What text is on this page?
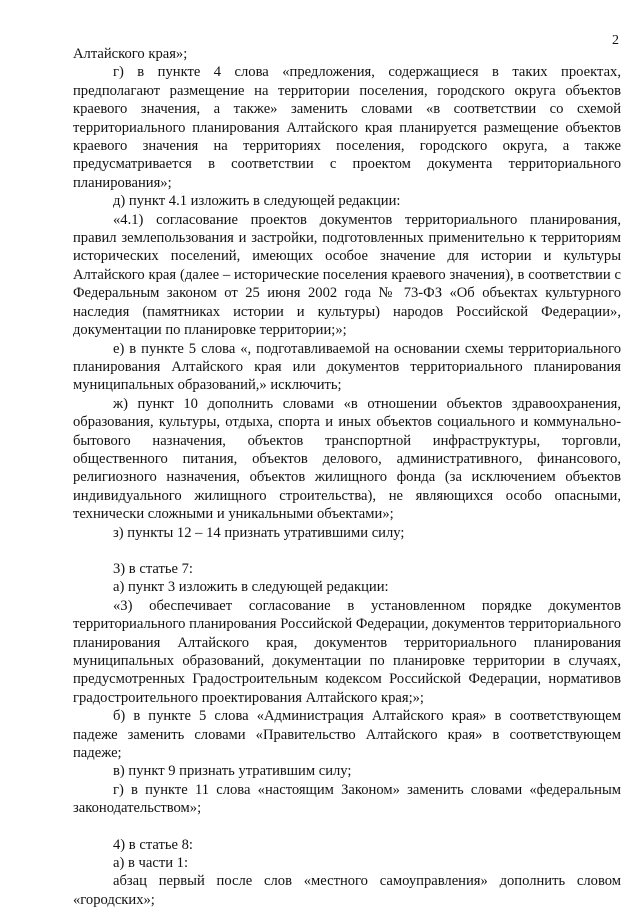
2

Алтайского края»;

г) в пункте 4 слова «предложения, содержащиеся в таких проектах, предполагают размещение на территории поселения, городского округа объектов краевого значения, а также» заменить словами «в соответствии со схемой территориального планирования Алтайского края планируется размещение объектов краевого значения на территориях поселения, городского округа, а также предусматривается в соответствии с проектом документа территориального планирования»;

д) пункт 4.1 изложить в следующей редакции:

«4.1) согласование проектов документов территориального планирования, правил землепользования и застройки, подготовленных применительно к территориям исторических поселений, имеющих особое значение для истории и культуры Алтайского края (далее – исторические поселения краевого значения), в соответствии с Федеральным законом от 25 июня 2002 года № 73-ФЗ «Об объектах культурного наследия (памятниках истории и культуры) народов Российской Федерации», документации по планировке территории;»;

е) в пункте 5 слова «, подготавливаемой на основании схемы территориального планирования Алтайского края или документов территориального планирования муниципальных образований,» исключить;

ж) пункт 10 дополнить словами «в отношении объектов здравоохранения, образования, культуры, отдыха, спорта и иных объектов социального и коммунально-бытового назначения, объектов транспортной инфраструктуры, торговли, общественного питания, объектов делового, административного, финансового, религиозного назначения, объектов жилищного фонда (за исключением объектов индивидуального жилищного строительства), не являющихся особо опасными, технически сложными и уникальными объектами»;

з) пункты 12 – 14 признать утратившими силу;

3) в статье 7:

а) пункт 3 изложить в следующей редакции:

«3) обеспечивает согласование в установленном порядке документов территориального планирования Российской Федерации, документов территориального планирования Алтайского края, документов территориального планирования муниципальных образований, документации по планировке территории в случаях, предусмотренных Градостроительным кодексом Российской Федерации, нормативов градостроительного проектирования Алтайского края;»;

б) в пункте 5 слова «Администрация Алтайского края» в соответствующем падеже заменить словами «Правительство Алтайского края» в соответствующем падеже;

в) пункт 9 признать утратившим силу;

г) в пункте 11 слова «настоящим Законом» заменить словами «федеральным законодательством»;

4) в статье 8:

а) в части 1:

абзац первый после слов «местного самоуправления» дополнить словом «городских»;
